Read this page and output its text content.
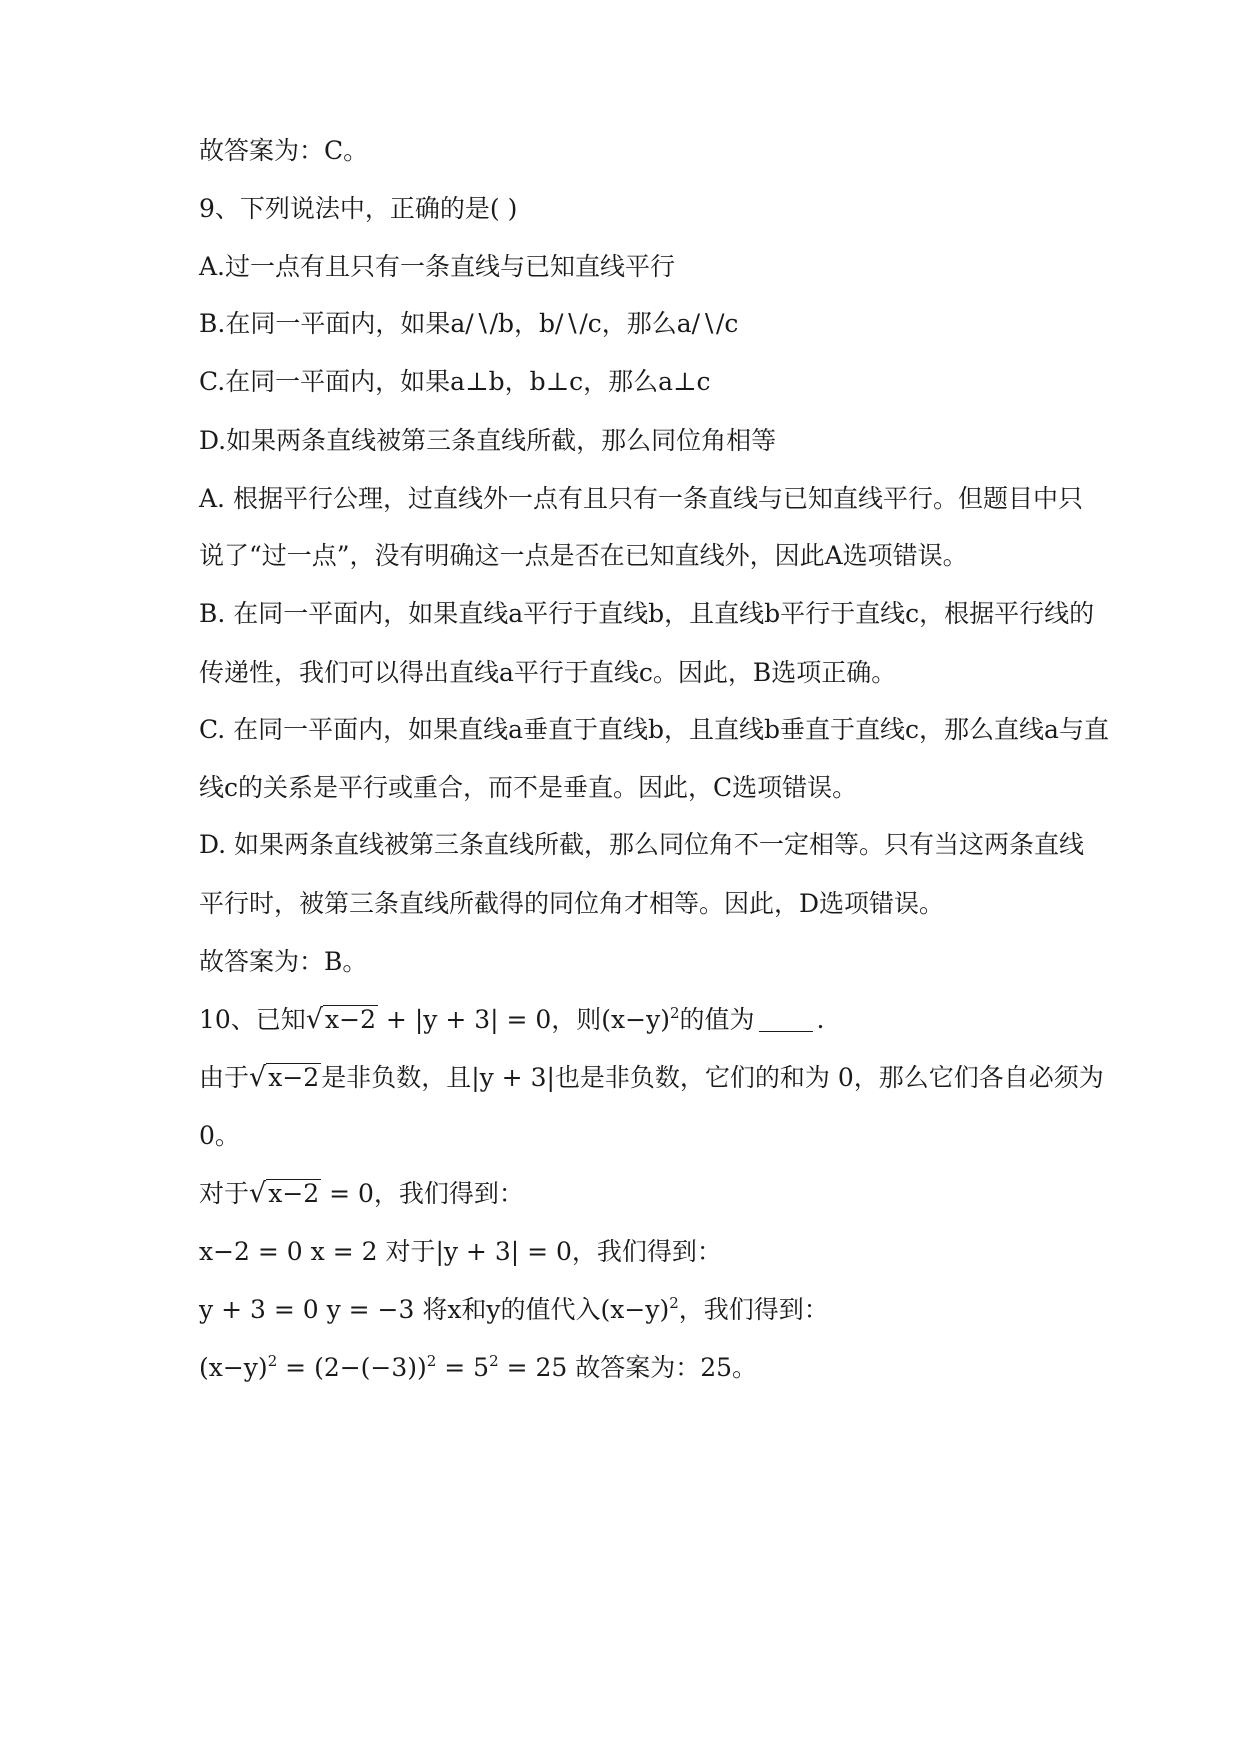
故答案为：C。
9、下列说法中，正确的是( )
A.过一点有且只有一条直线与已知直线平行
B.在同一平面内，如果a/∖/b，b/∖/c，那么a/∖/c
C.在同一平面内，如果a⊥b，b⊥c，那么a⊥c
D.如果两条直线被第三条直线所截，那么同位角相等
A. 根据平行公理，过直线外一点有且只有一条直线与已知直线平行。但题目中只
说了“过一点”，没有明确这一点是否在已知直线外，因此A选项错误。
B. 在同一平面内，如果直线a平行于直线b，且直线b平行于直线c，根据平行线的
传递性，我们可以得出直线a平行于直线c。因此，B选项正确。
C. 在同一平面内，如果直线a垂直于直线b，且直线b垂直于直线c，那么直线a与直
线c的关系是平行或重合，而不是垂直。因此，C选项错误。
D. 如果两条直线被第三条直线所截，那么同位角不一定相等。只有当这两条直线
平行时，被第三条直线所截得的同位角才相等。因此，D选项错误。
故答案为：B。
10、已知√x−2 + |y + 3| = 0，则$(x-y)^2$的值为 .
由于√x−2是非负数，且|y + 3|也是非负数，它们的和为 0，那么它们各自必须为
0。
对于√x−2 = 0，我们得到：
x−2 = 0 x = 2 对于|y + 3| = 0，我们得到：
y + 3 = 0 y = −3 将x和y的值代入$(x-y)^2$，我们得到：
$(x-y)^2 = (2-(-3))^2 = 5^2 = 25$ 故答案为：25。
